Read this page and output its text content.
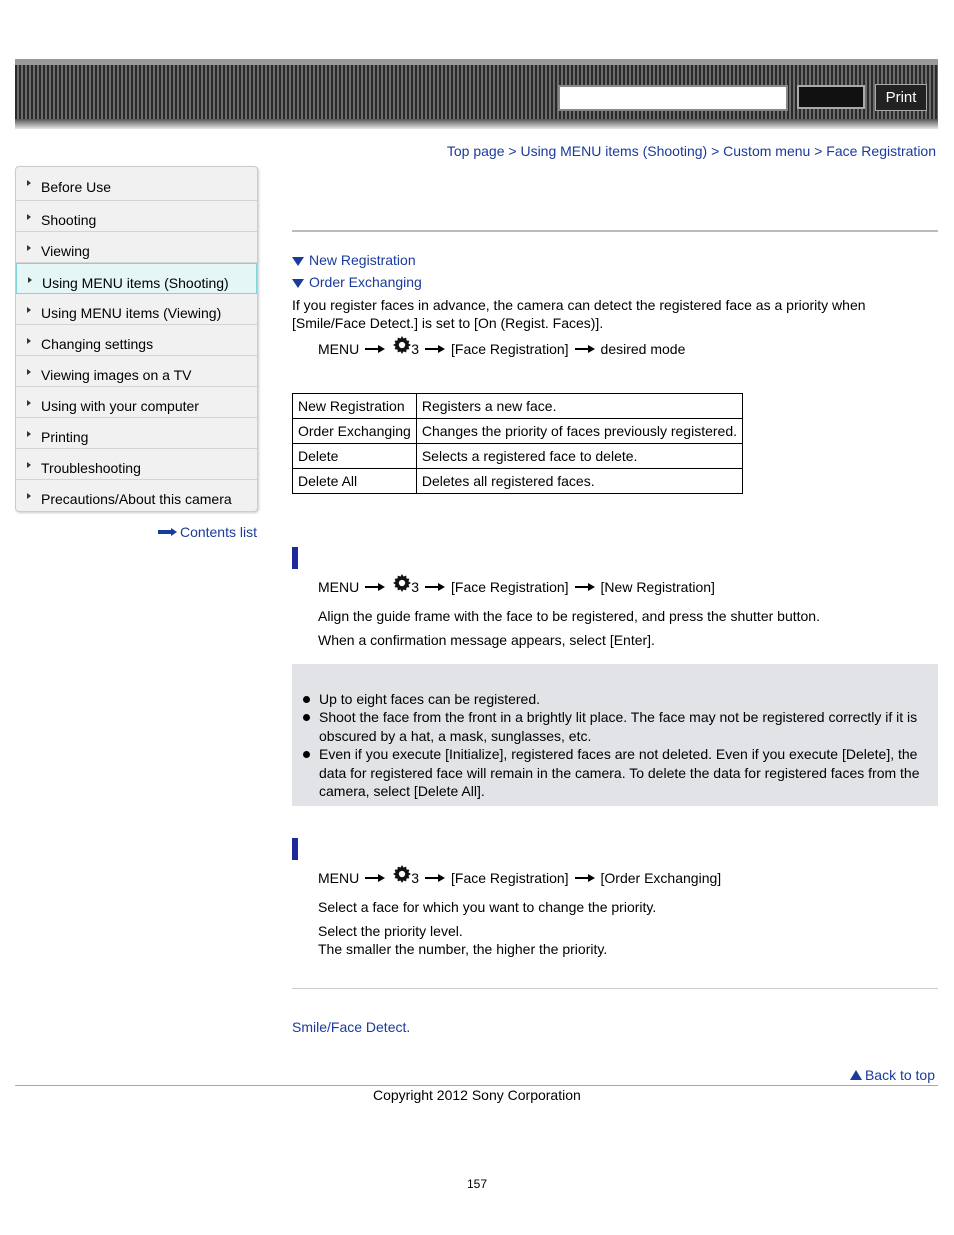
Print
Top page > Using MENU items (Shooting) > Custom menu > Face Registration
Before Use
Shooting
Viewing
Using MENU items (Shooting)
Using MENU items (Viewing)
Changing settings
Viewing images on a TV
Using with your computer
Printing
Troubleshooting
Precautions/About this camera
Contents list
New Registration
Order Exchanging
If you register faces in advance, the camera can detect the registered face as a priority when
[Smile/Face Detect.] is set to [On (Regist. Faces)].
MENU	3 [Face Registration] desired mode
New Registration	Registers a new face.
Order Exchanging	Changes the priority of faces previously registered.
Delete	Selects a registered face to delete.
Delete All	Deletes all registered faces.
MENU	3 [Face Registration] [New Registration]
Align the guide frame with the face to be registered, and press the shutter button.
When a confirmation message appears, select [Enter].
Up to eight faces can be registered.
Shoot the face from the front in a brightly lit place. The face may not be registered correctly if it is obscured by a hat, a mask, sunglasses, etc.
Even if you execute [Initialize], registered faces are not deleted. Even if you execute [Delete], the data for registered face will remain in the camera. To delete the data for registered faces from the camera, select [Delete All].
MENU	3 [Face Registration] [Order Exchanging]
Select a face for which you want to change the priority.
Select the priority level.
The smaller the number, the higher the priority.
Smile/Face Detect.
Back to top
Copyright 2012 Sony Corporation
157
